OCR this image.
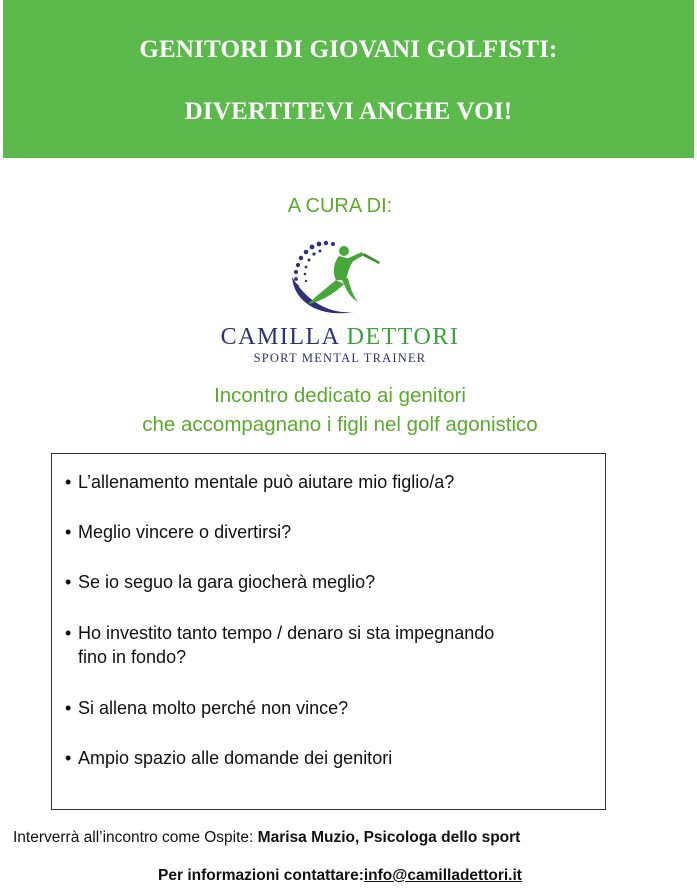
GENITORI DI GIOVANI GOLFISTI:
DIVERTITEVI ANCHE VOI!
A CURA DI:
CAMILLA DETTORI
SPORT MENTAL TRAINER
Incontro dedicato ai genitori
che accompagnano i figli nel golf agonistico
• L’allenamento mentale può aiutare mio figlio/a?
• Meglio vincere o divertirsi?
• Se io seguo la gara giocherà meglio?
• Ho investito tanto tempo / denaro si sta impegnando
fino in fondo?
• Si allena molto perché non vince?
• Ampio spazio alle domande dei genitori
Interverrà all’incontro come Ospite: Marisa Muzio, Psicologa dello sport
Per informazioni contattare:info@camilladettori.it
